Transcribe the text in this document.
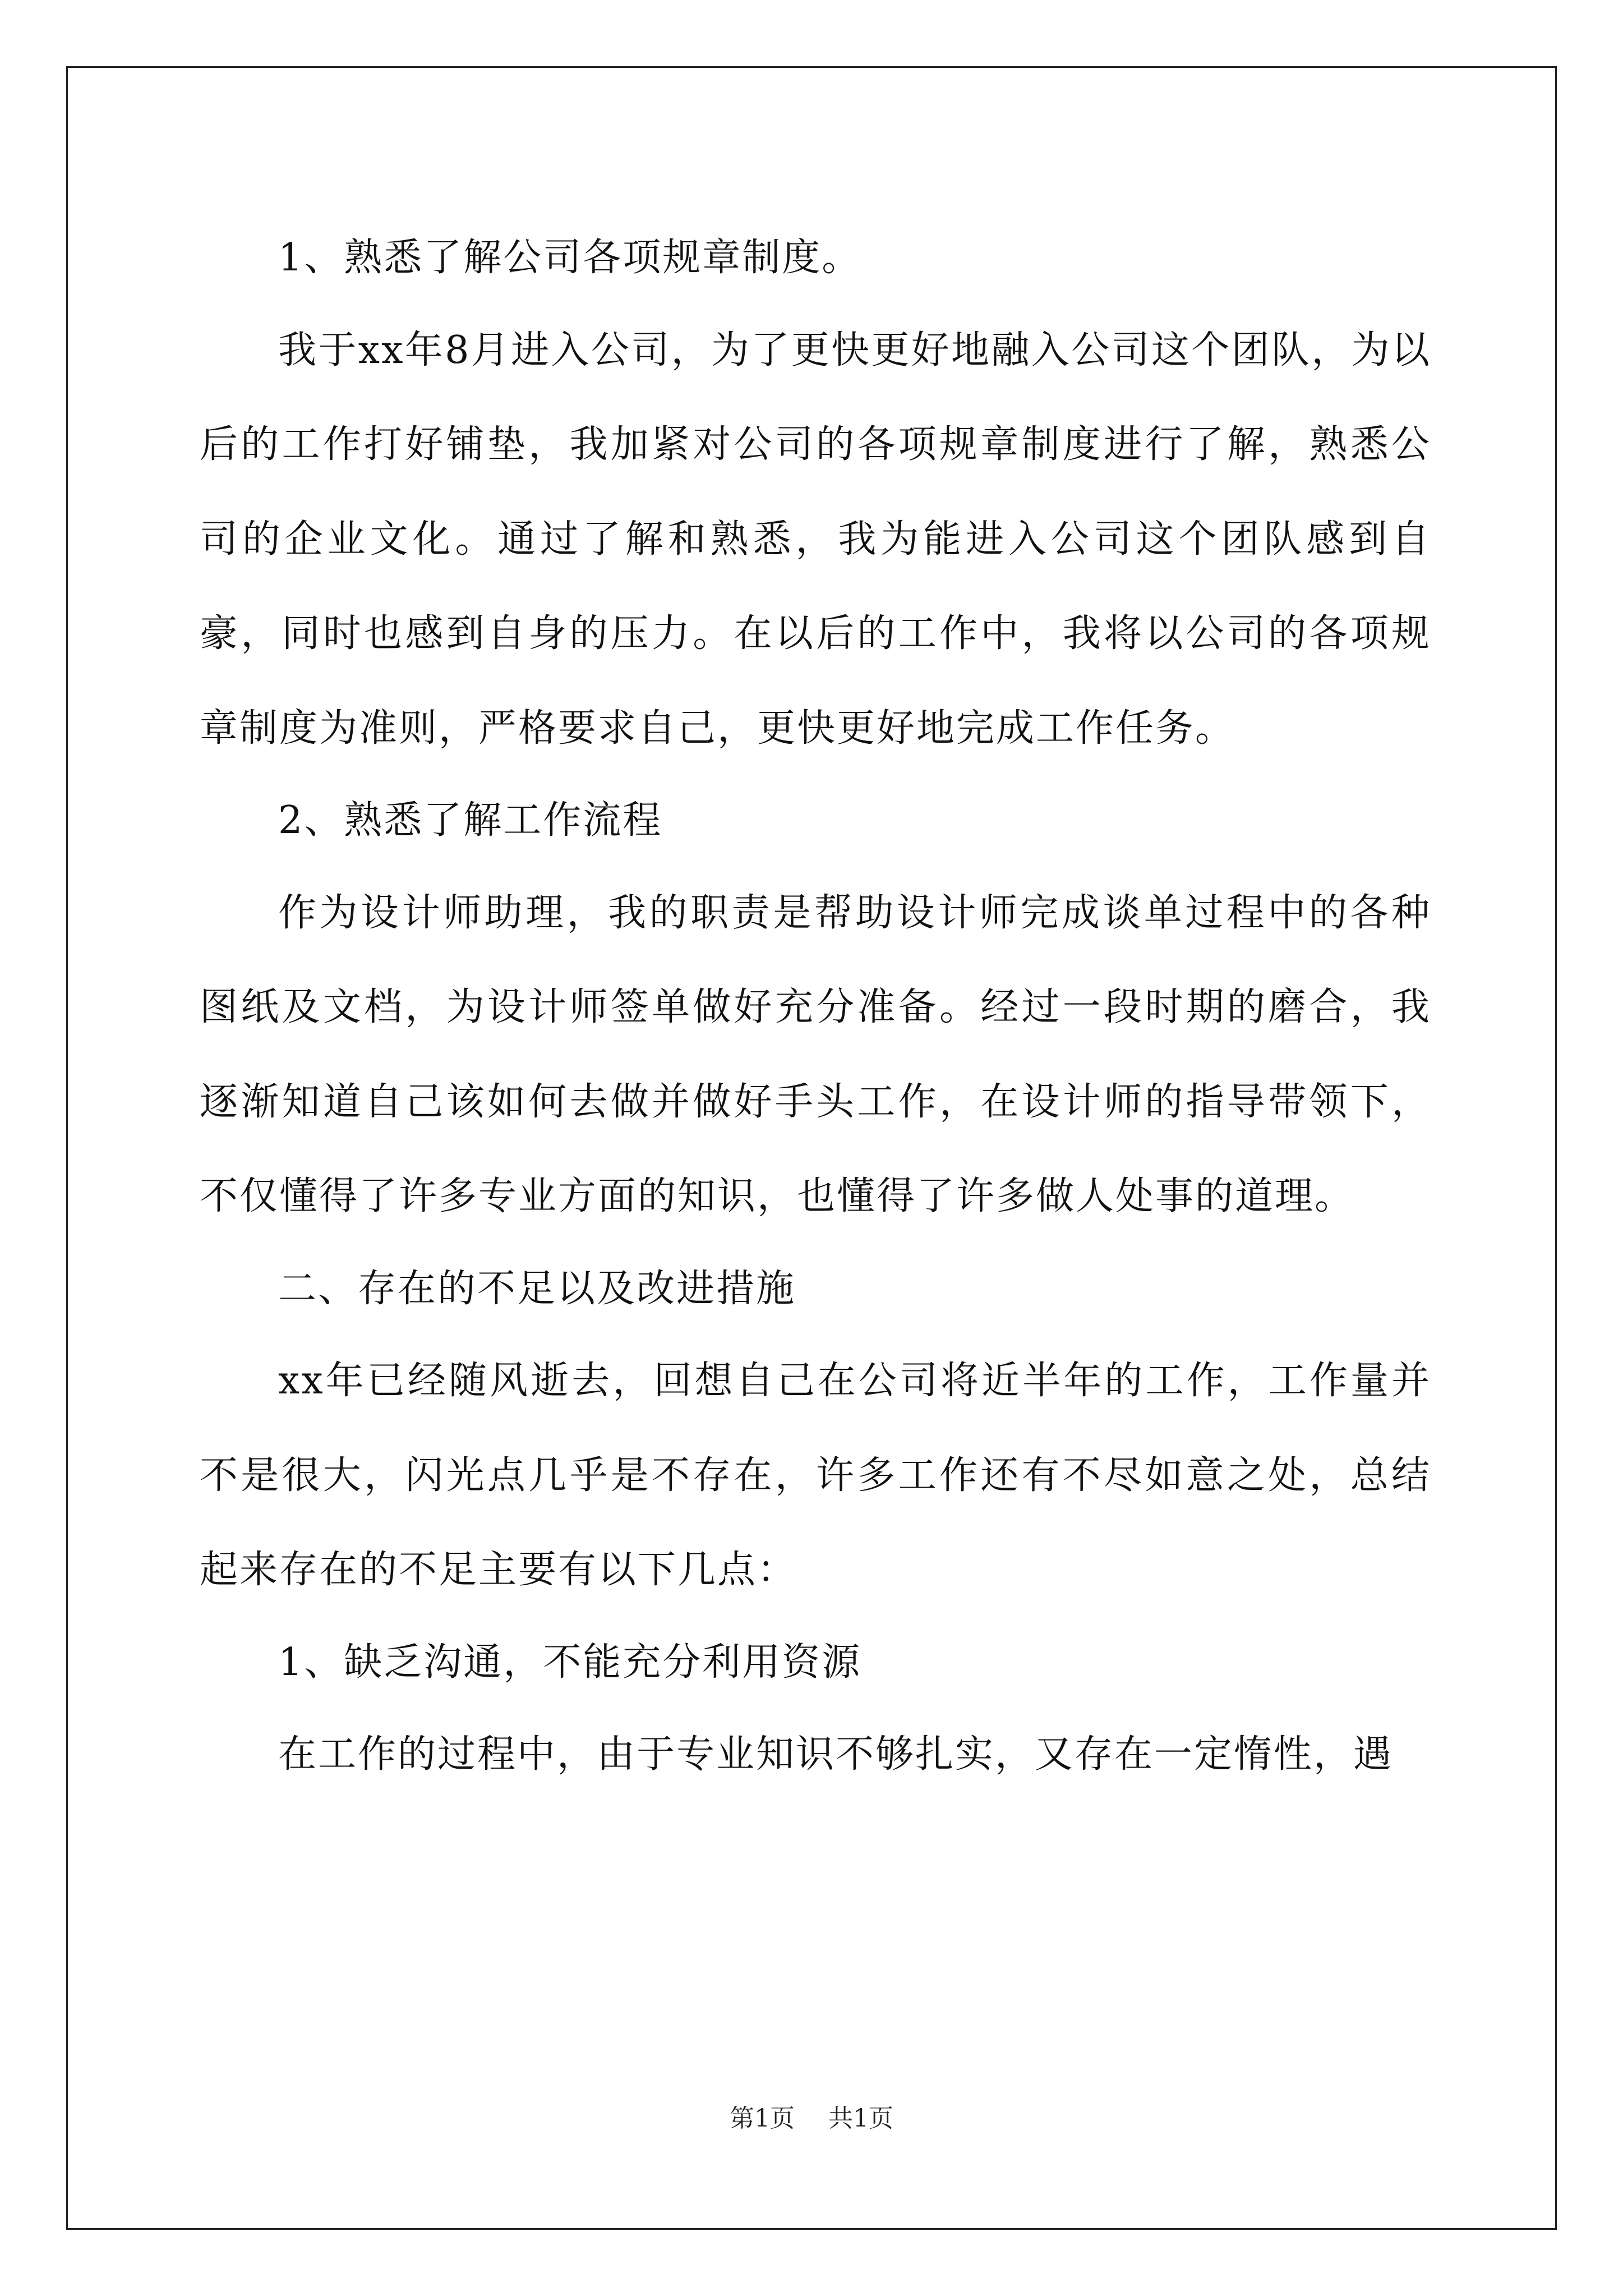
1、熟悉了解公司各项规章制度。

我于xx年8月进入公司，为了更快更好地融入公司这个团队，为以后的工作打好铺垫，我加紧对公司的各项规章制度进行了解，熟悉公司的企业文化。通过了解和熟悉，我为能进入公司这个团队感到自豪，同时也感到自身的压力。在以后的工作中，我将以公司的各项规章制度为准则，严格要求自己，更快更好地完成工作任务。

2、熟悉了解工作流程

作为设计师助理，我的职责是帮助设计师完成谈单过程中的各种图纸及文档，为设计师签单做好充分准备。经过一段时期的磨合，我逐渐知道自己该如何去做并做好手头工作，在设计师的指导带领下，不仅懂得了许多专业方面的知识，也懂得了许多做人处事的道理。

二、存在的不足以及改进措施

xx年已经随风逝去，回想自己在公司将近半年的工作，工作量并不是很大，闪光点几乎是不存在，许多工作还有不尽如意之处，总结起来存在的不足主要有以下几点：

1、缺乏沟通，不能充分利用资源

在工作的过程中，由于专业知识不够扎实，又存在一定惰性，遇

第1页 共1页
